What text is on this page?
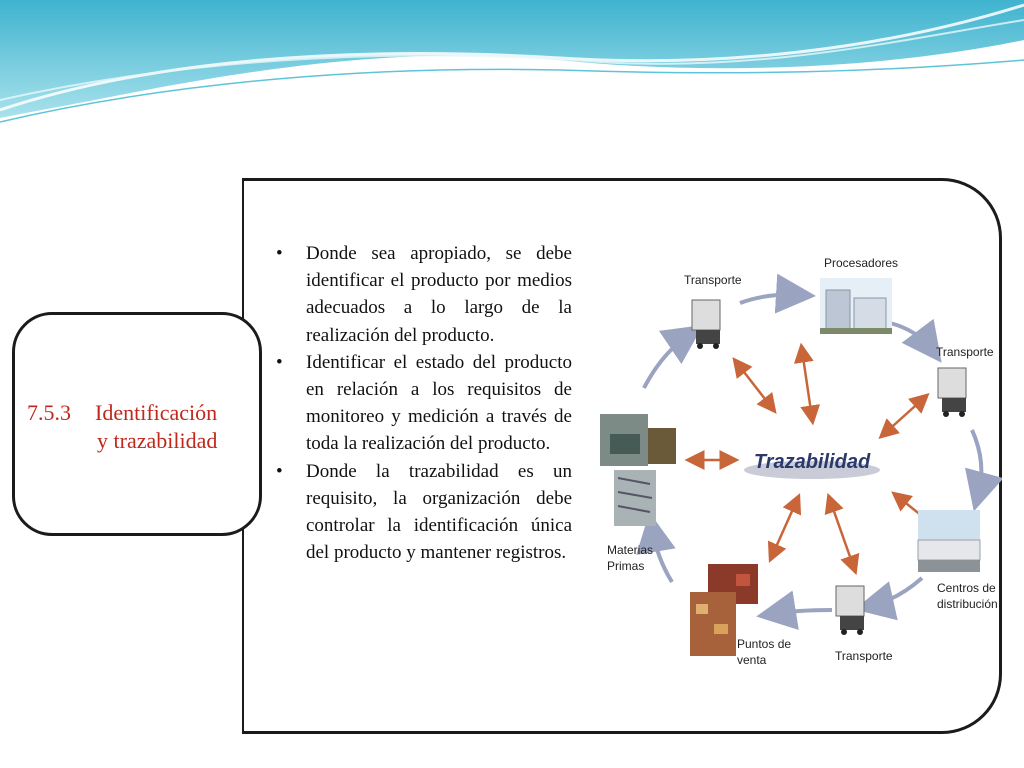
7.5.3 Identificación
y trazabilidad
• Donde sea apropiado, se debe identificar el producto por medios adecuados a lo largo de la realización del producto.
• Identificar el estado del producto en relación a los requisitos de monitoreo y medición a través de toda la realización del producto.
• Donde la trazabilidad es un requisito, la organización debe controlar la identificación única del producto y mantener registros.
Trazabilidad
Transporte
Procesadores
Transporte
Centros de
distribución
Transporte
Puntos de
venta
Materias
Primas
